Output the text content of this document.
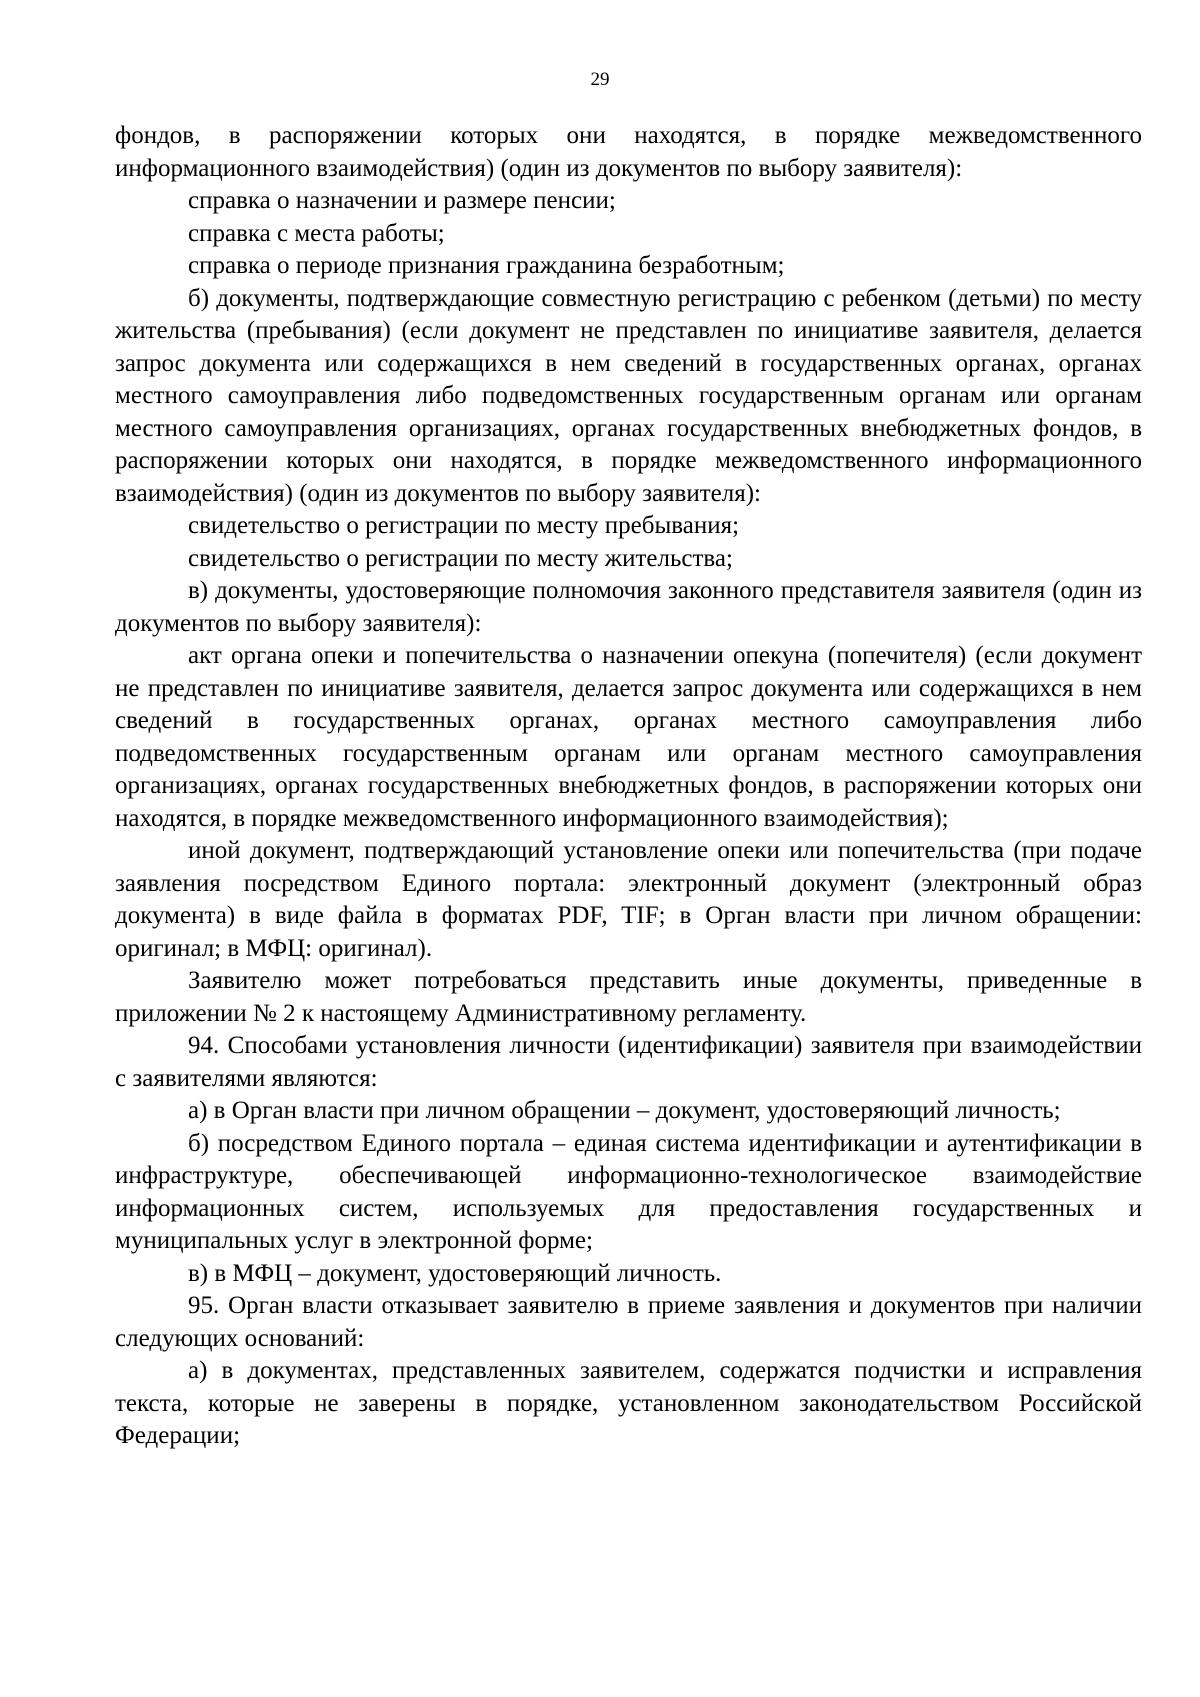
29

фондов, в распоряжении которых они находятся, в порядке межведомственного информационного взаимодействия) (один из документов по выбору заявителя):

справка о назначении и размере пенсии;

справка с места работы;

справка о периоде признания гражданина безработным;

б) документы, подтверждающие совместную регистрацию с ребенком (детьми) по месту жительства (пребывания) (если документ не представлен по инициативе заявителя, делается запрос документа или содержащихся в нем сведений в государственных органах, органах местного самоуправления либо подведомственных государственным органам или органам местного самоуправления организациях, органах государственных внебюджетных фондов, в распоряжении которых они находятся, в порядке межведомственного информационного взаимодействия) (один из документов по выбору заявителя):

свидетельство о регистрации по месту пребывания;

свидетельство о регистрации по месту жительства;

в) документы, удостоверяющие полномочия законного представителя заявителя (один из документов по выбору заявителя):

акт органа опеки и попечительства о назначении опекуна (попечителя) (если документ не представлен по инициативе заявителя, делается запрос документа или содержащихся в нем сведений в государственных органах, органах местного самоуправления либо подведомственных государственным органам или органам местного самоуправления организациях, органах государственных внебюджетных фондов, в распоряжении которых они находятся, в порядке межведомственного информационного взаимодействия);

иной документ, подтверждающий установление опеки или попечительства (при подаче заявления посредством Единого портала: электронный документ (электронный образ документа) в виде файла в форматах PDF, TIF; в Орган власти при личном обращении: оригинал; в МФЦ: оригинал).

Заявителю может потребоваться представить иные документы, приведенные в приложении № 2 к настоящему Административному регламенту.

94. Способами установления личности (идентификации) заявителя при взаимодействии с заявителями являются:

а) в Орган власти при личном обращении – документ, удостоверяющий личность;

б) посредством Единого портала – единая система идентификации и аутентификации в инфраструктуре, обеспечивающей информационно-технологическое взаимодействие информационных систем, используемых для предоставления государственных и муниципальных услуг в электронной форме;

в) в МФЦ – документ, удостоверяющий личность.

95. Орган власти отказывает заявителю в приеме заявления и документов при наличии следующих оснований:

а) в документах, представленных заявителем, содержатся подчистки и исправления текста, которые не заверены в порядке, установленном законодательством Российской Федерации;
